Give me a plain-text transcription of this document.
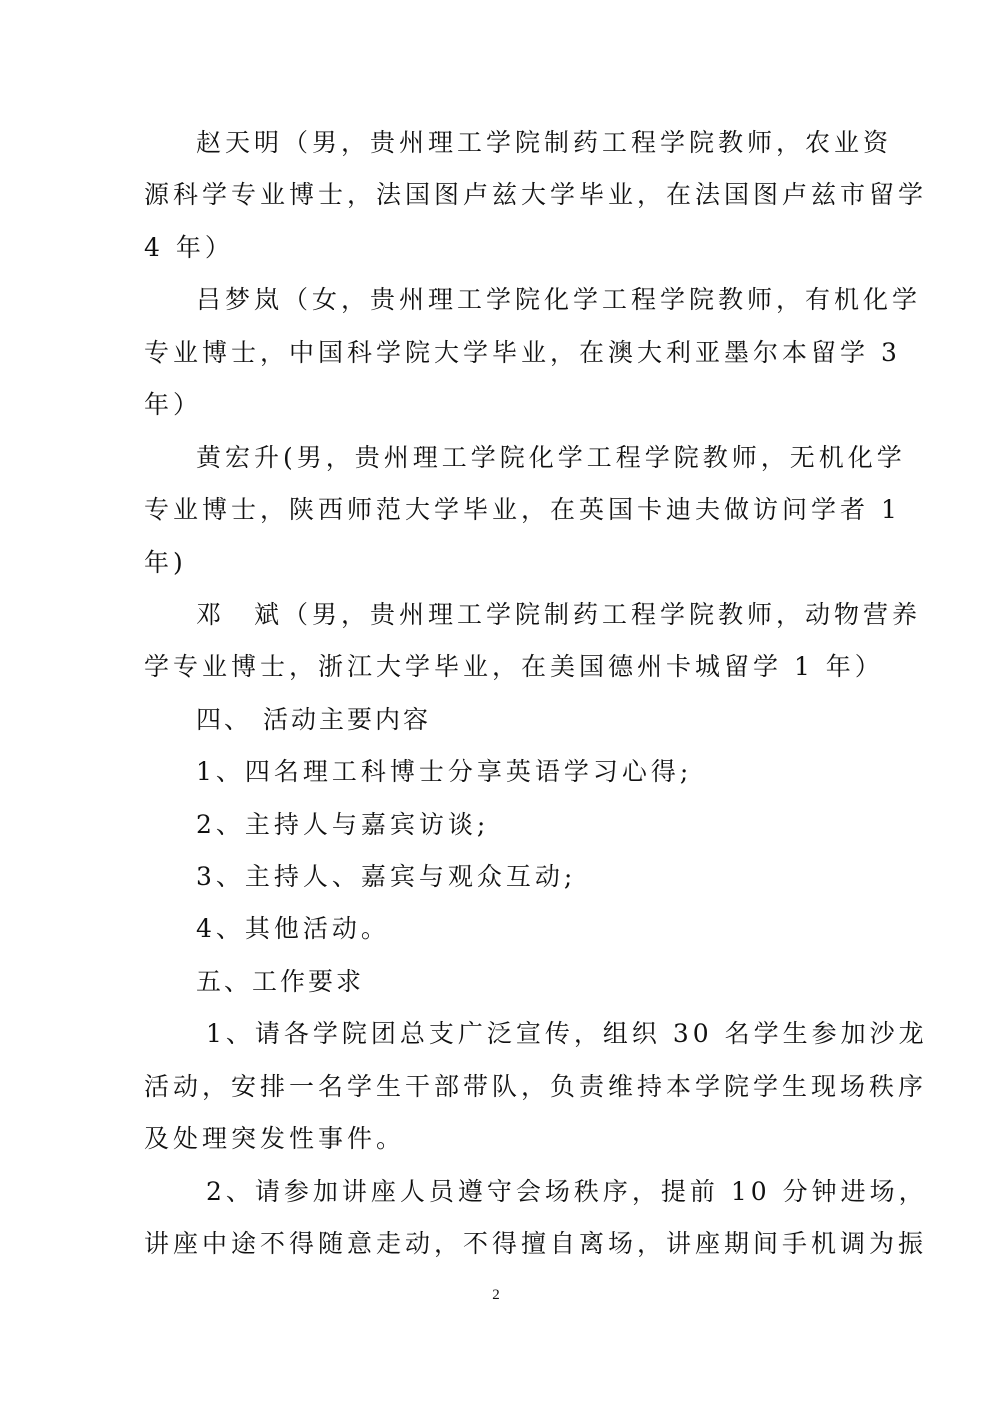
赵天明（男，贵州理工学院制药工程学院教师，农业资
源科学专业博士，法国图卢兹大学毕业，在法国图卢兹市留学
4 年）
吕梦岚（女，贵州理工学院化学工程学院教师，有机化学
专业博士，中国科学院大学毕业，在澳大利亚墨尔本留学 3
年）
黄宏升(男，贵州理工学院化学工程学院教师，无机化学
专业博士，陕西师范大学毕业，在英国卡迪夫做访问学者 1
年)
邓　斌（男，贵州理工学院制药工程学院教师，动物营养
学专业博士，浙江大学毕业，在美国德州卡城留学 1 年）
四、 活动主要内容
1、四名理工科博士分享英语学习心得;
2、主持人与嘉宾访谈;
3、主持人、嘉宾与观众互动;
4、其他活动。
五、工作要求
1、请各学院团总支广泛宣传，组织 30 名学生参加沙龙
活动，安排一名学生干部带队，负责维持本学院学生现场秩序
及处理突发性事件。
2、请参加讲座人员遵守会场秩序，提前 10 分钟进场，
讲座中途不得随意走动，不得擅自离场，讲座期间手机调为振
2
